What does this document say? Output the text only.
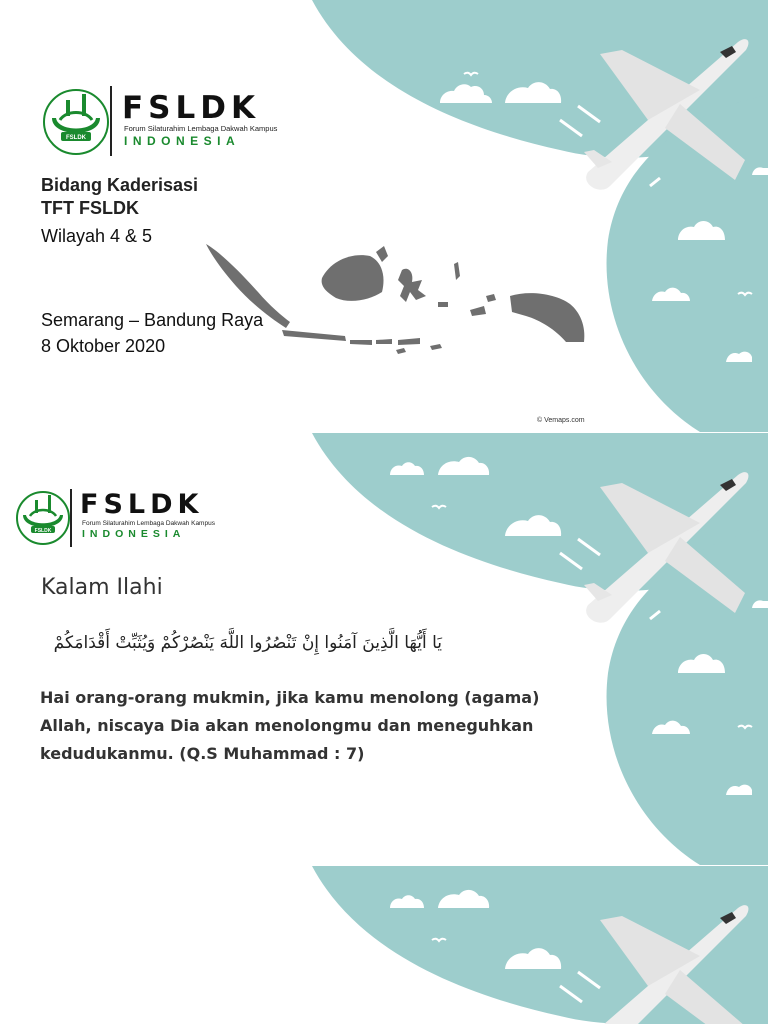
FSLDK
FSLDK
Forum Silaturahim Lembaga Dakwah Kampus
INDONESIA
Bidang Kaderisasi
TFT FSLDK
Wilayah 4 & 5
Semarang – Bandung Raya
8 Oktober 2020
© Vemaps.com
FSLDK
FSLDK
Forum Silaturahim Lembaga Dakwah Kampus
INDONESIA
Kalam Ilahi
يَا أَيُّهَا الَّذِينَ آمَنُوا إِنْ تَنْصُرُوا اللَّهَ يَنْصُرْكُمْ وَيُثَبِّتْ أَقْدَامَكُمْ
Hai orang-orang mukmin, jika kamu menolong (agama)
Allah, niscaya Dia akan menolongmu dan meneguhkan
kedudukanmu. (Q.S Muhammad : 7)
